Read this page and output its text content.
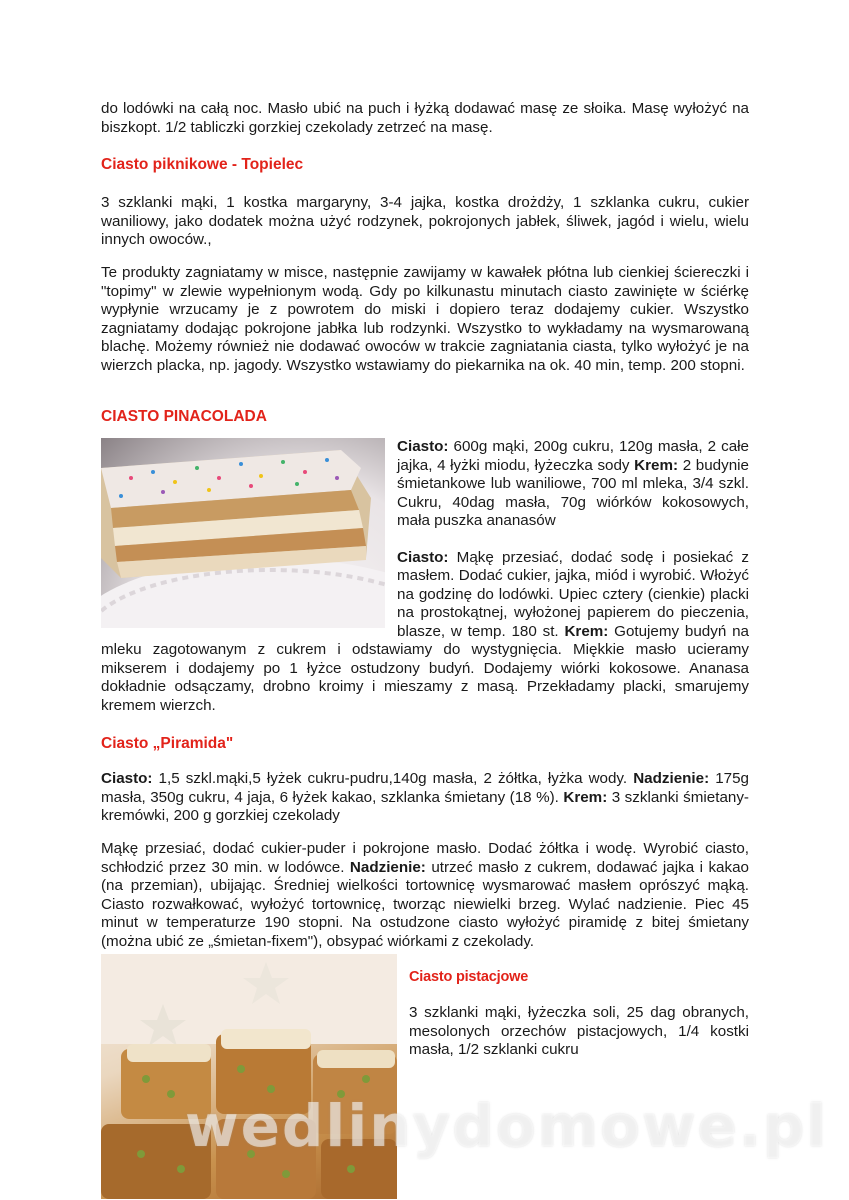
do lodówki na całą noc. Masło ubić na puch i łyżką dodawać masę ze słoika. Masę wyłożyć na biszkopt. 1/2 tabliczki gorzkiej czekolady zetrzeć na masę.

Ciasto piknikowe - Topielec

3 szklanki mąki, 1 kostka margaryny, 3-4 jajka, kostka drożdży, 1 szklanka cukru, cukier waniliowy, jako dodatek można użyć rodzynek, pokrojonych jabłek, śliwek, jagód i wielu, wielu innych owoców.,

Te produkty zagniatamy w misce, następnie zawijamy w kawałek płótna lub cienkiej ściereczki i "topimy" w zlewie wypełnionym wodą. Gdy po kilkunastu minutach ciasto zawinięte w ściérkę wypłynie wrzucamy je z powrotem do miski i dopiero teraz dodajemy cukier. Wszystko zagniatamy dodając pokrojone jabłka lub rodzynki. Wszystko to wykładamy na wysmarowaną blachę. Możemy również nie dodawać owoców w trakcie zagniatania ciasta, tylko wyłożyć je na wierzch placka, np. jagody. Wszystko wstawiamy do piekarnika na ok. 40 min, temp. 200 stopni.

CIASTO PINACOLADA

Ciasto: 600g mąki, 200g cukru, 120g masła, 2 całe jajka, 4 łyżki miodu, łyżeczka sody Krem: 2 budynie śmietankowe lub waniliowe, 700 ml mleka, 3/4 szkl. Cukru, 40dag masła, 70g wiórków kokosowych, mała puszka ananasów

Ciasto: Mąkę przesiać, dodać sodę i posiekać z masłem. Dodać cukier, jajka, miód i wyrobić. Włożyć na godzinę do lodówki. Upiec cztery (cienkie) placki na prostokątnej, wyłożonej papierem do pieczenia, blasze, w temp. 180 st. Krem: Gotujemy budyń na mleku zagotowanym z cukrem i odstawiamy do wystygnięcia. Miękkie masło ucieramy mikserem i dodajemy po 1 łyżce ostudzony budyń. Dodajemy wiórki kokosowe. Ananasa dokładnie odsączamy, drobno kroimy i mieszamy z masą. Przekładamy placki, smarujemy kremem wierzch.

Ciasto „Piramida"

Ciasto: 1,5 szkl.mąki,5 łyżek cukru-pudru,140g masła, 2 żółtka, łyżka wody. Nadzienie: 175g masła, 350g cukru, 4 jaja, 6 łyżek kakao, szklanka śmietany (18 %). Krem: 3 szklanki śmietany-kremówki, 200 g gorzkiej czekolady

Mąkę przesiać, dodać cukier-puder i pokrojone masło. Dodać żółtka i wodę. Wyrobić ciasto, schłodzić przez 30 min. w lodówce. Nadzienie: utrzeć masło z cukrem, dodawać jajka i kakao (na przemian), ubijając. Średniej wielkości tortownicę wysmarować masłem oprószyć mąką. Ciasto rozwałkować, wyłożyć tortownicę, tworząc niewielki brzeg. Wylać nadzienie. Piec 45 minut w temperaturze 190 stopni. Na ostudzone ciasto wyłożyć piramidę z bitej śmietany (można ubić ze „śmietan-fixem"), obsypać wiórkami z czekolady.

Ciasto pistacjowe

3 szklanki mąki, łyżeczka soli, 25 dag obranych, mesolonych orzechów pistacjowych, 1/4 kostki masła, 1/2 szklanki cukru

wedlinydomowe.pl
